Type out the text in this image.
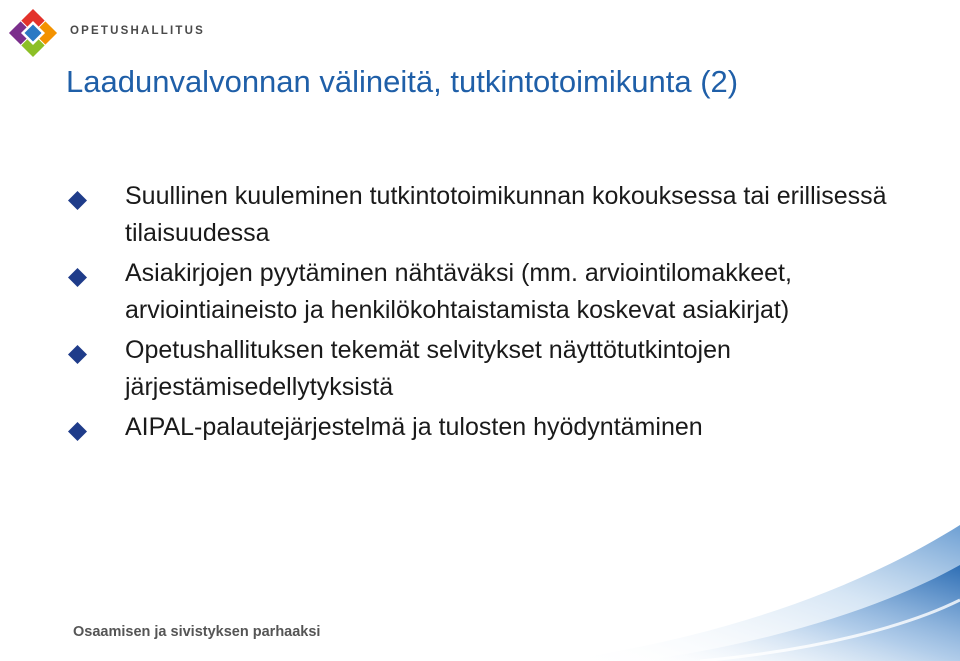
OPETUSHALLITUS
Laadunvalvonnan välineitä, tutkintotoimikunta (2)
Suullinen kuuleminen tutkintotoimikunnan kokouksessa tai erillisessä tilaisuudessa
Asiakirjojen pyytäminen nähtäväksi (mm. arviointilomakkeet, arviointiaineisto ja henkilökohtaistamista koskevat asiakirjat)
Opetushallituksen tekemät selvitykset näyttötutkintojen järjestämisedellytyksistä
AIPAL-palautejärjestelmä ja tulosten hyödyntäminen
Osaamisen ja sivistyksen parhaaksi
